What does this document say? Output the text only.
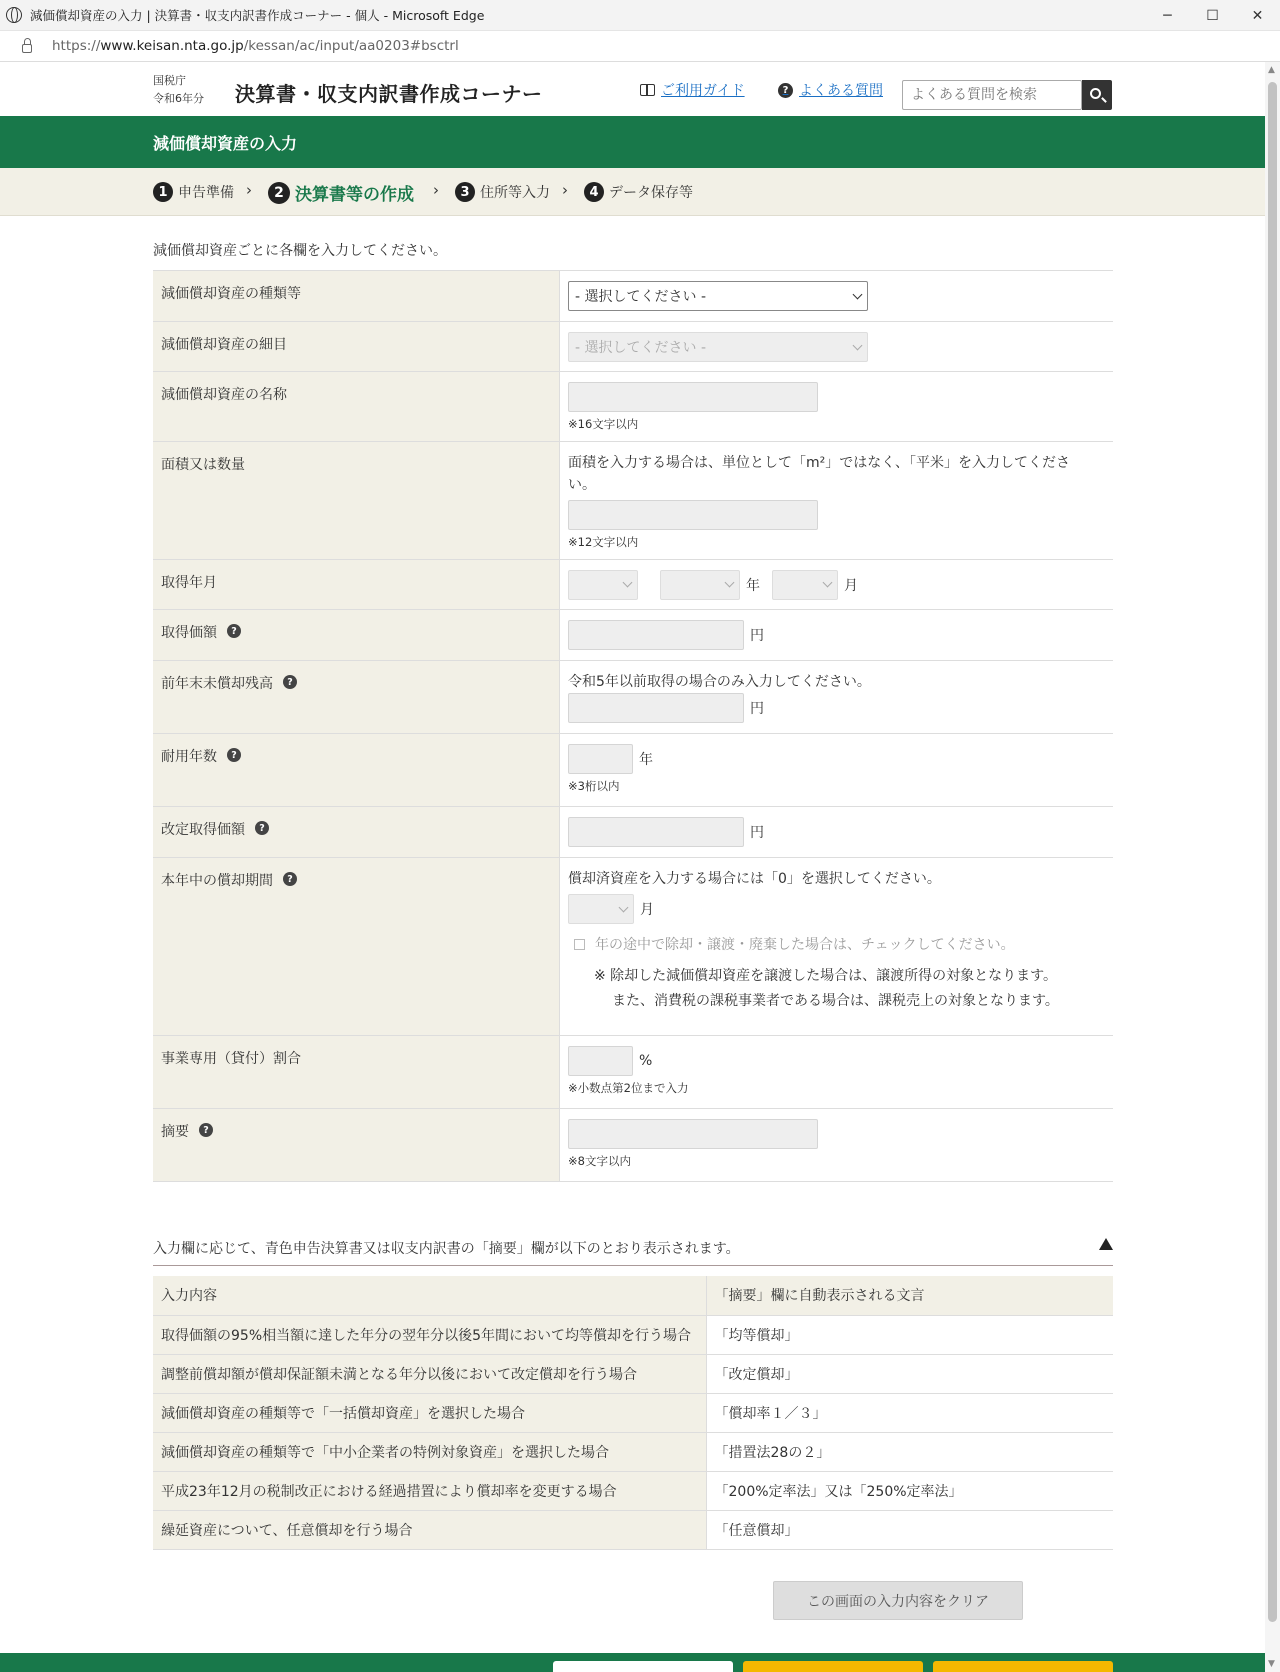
減価償却資産の入力 | 決算書・収支内訳書作成コーナー - 個人 - Microsoft Edge	─	☐	✕
https://www.keisan.nta.go.jp/kessan/ac/input/aa0203#bsctrl
国税庁
令和6年分 決算書・収支内訳書作成コーナー	ご利用ガイド	? よくある質問
よくある質問を検索
減価償却資産の入力
1 申告準備 ›	2 決算書等の作成 ›	3 住所等入力 ›	4 データ保存等
減価償却資産ごとに各欄を入力してください。
減価償却資産の種類等	- 選択してください -
減価償却資産の細目	- 選択してください -
減価償却資産の名称
※16文字以内
面積又は数量	面積を入力する場合は、単位として「m²」ではなく、「平米」を入力してください。
※12文字以内
取得年月	年	月
取得価額	?	円
前年末未償却残高	?	令和5年以前取得の場合のみ入力してください。
円
耐用年数	?	年
※3桁以内
改定取得価額	?	円
本年中の償却期間	?	償却済資産を入力する場合には「0」を選択してください。
月
年の途中で除却・譲渡・廃棄した場合は、チェックしてください。
※ 除却した減価償却資産を譲渡した場合は、譲渡所得の対象となります。
また、消費税の課税事業者である場合は、課税売上の対象となります。
事業専用（貸付）割合	%
※小数点第2位まで入力
摘要	?
※8文字以内
入力欄に応じて、青色申告決算書又は収支内訳書の「摘要」欄が以下のとおり表示されます。
入力内容	「摘要」欄に自動表示される文言
取得価額の95%相当額に達した年分の翌年分以後5年間において均等償却を行う場合	「均等償却」
調整前償却額が償却保証額未満となる年分以後において改定償却を行う場合	「改定償却」
減価償却資産の種類等で「一括償却資産」を選択した場合	「償却率１／３」
減価償却資産の種類等で「中小企業者の特例対象資産」を選択した場合	「措置法28の２」
平成23年12月の税制改正における経過措置により償却率を変更する場合	「200%定率法」又は「250%定率法」
繰延資産について、任意償却を行う場合	「任意償却」
この画面の入力内容をクリア
▲
▼
